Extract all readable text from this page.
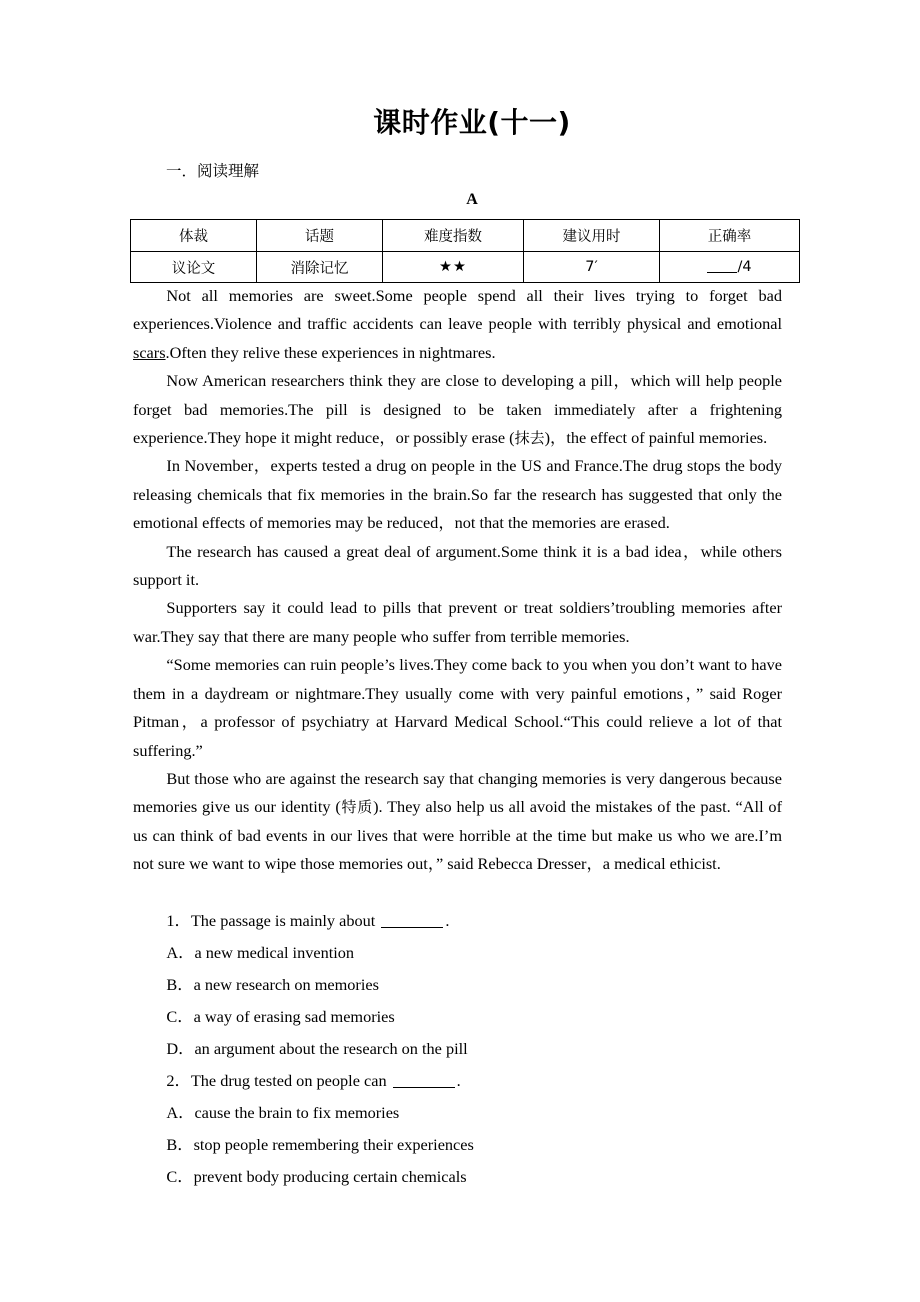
课时作业(十一)
一．阅读理解
A
体裁	话题	难度指数	建议用时	正确率
议论文	消除记忆	★★	7′	/4

Not all memories are sweet.Some people spend all their lives trying to forget bad experiences.Violence and traffic accidents can leave people with terribly physical and emotional scars.Often they relive these experiences in nightmares.

Now American researchers think they are close to developing a pill，which will help people forget bad memories.The pill is designed to be taken immediately after a frightening experience.They hope it might reduce，or possibly erase (抹去)，the effect of painful memories.

In November，experts tested a drug on people in the US and France.The drug stops the body releasing chemicals that fix memories in the brain.So far the research has suggested that only the emotional effects of memories may be reduced，not that the memories are erased.

The research has caused a great deal of argument.Some think it is a bad idea，while others support it.

Supporters say it could lead to pills that prevent or treat soldiers’troubling memories after war.They say that there are many people who suffer from terrible memories.

“Some memories can ruin people’s lives.They come back to you when you don’t want to have them in a daydream or nightmare.They usually come with very painful emotions，” said Roger Pitman，a professor of psychiatry at Harvard Medical School.“This could relieve a lot of that suffering.”

But those who are against the research say that changing memories is very dangerous because memories give us our identity (特质). They also help us all avoid the mistakes of the past. “All of us can think of bad events in our lives that were horrible at the time but make us who we are.I’m not sure we want to wipe those memories out，” said Rebecca Dresser，a medical ethicist.

1．The passage is mainly about	.
A．a new medical invention
B．a new research on memories
C．a way of erasing sad memories
D．an argument about the research on the pill
2．The drug tested on people can	.
A．cause the brain to fix memories
B．stop people remembering their experiences
C．prevent body producing certain chemicals
